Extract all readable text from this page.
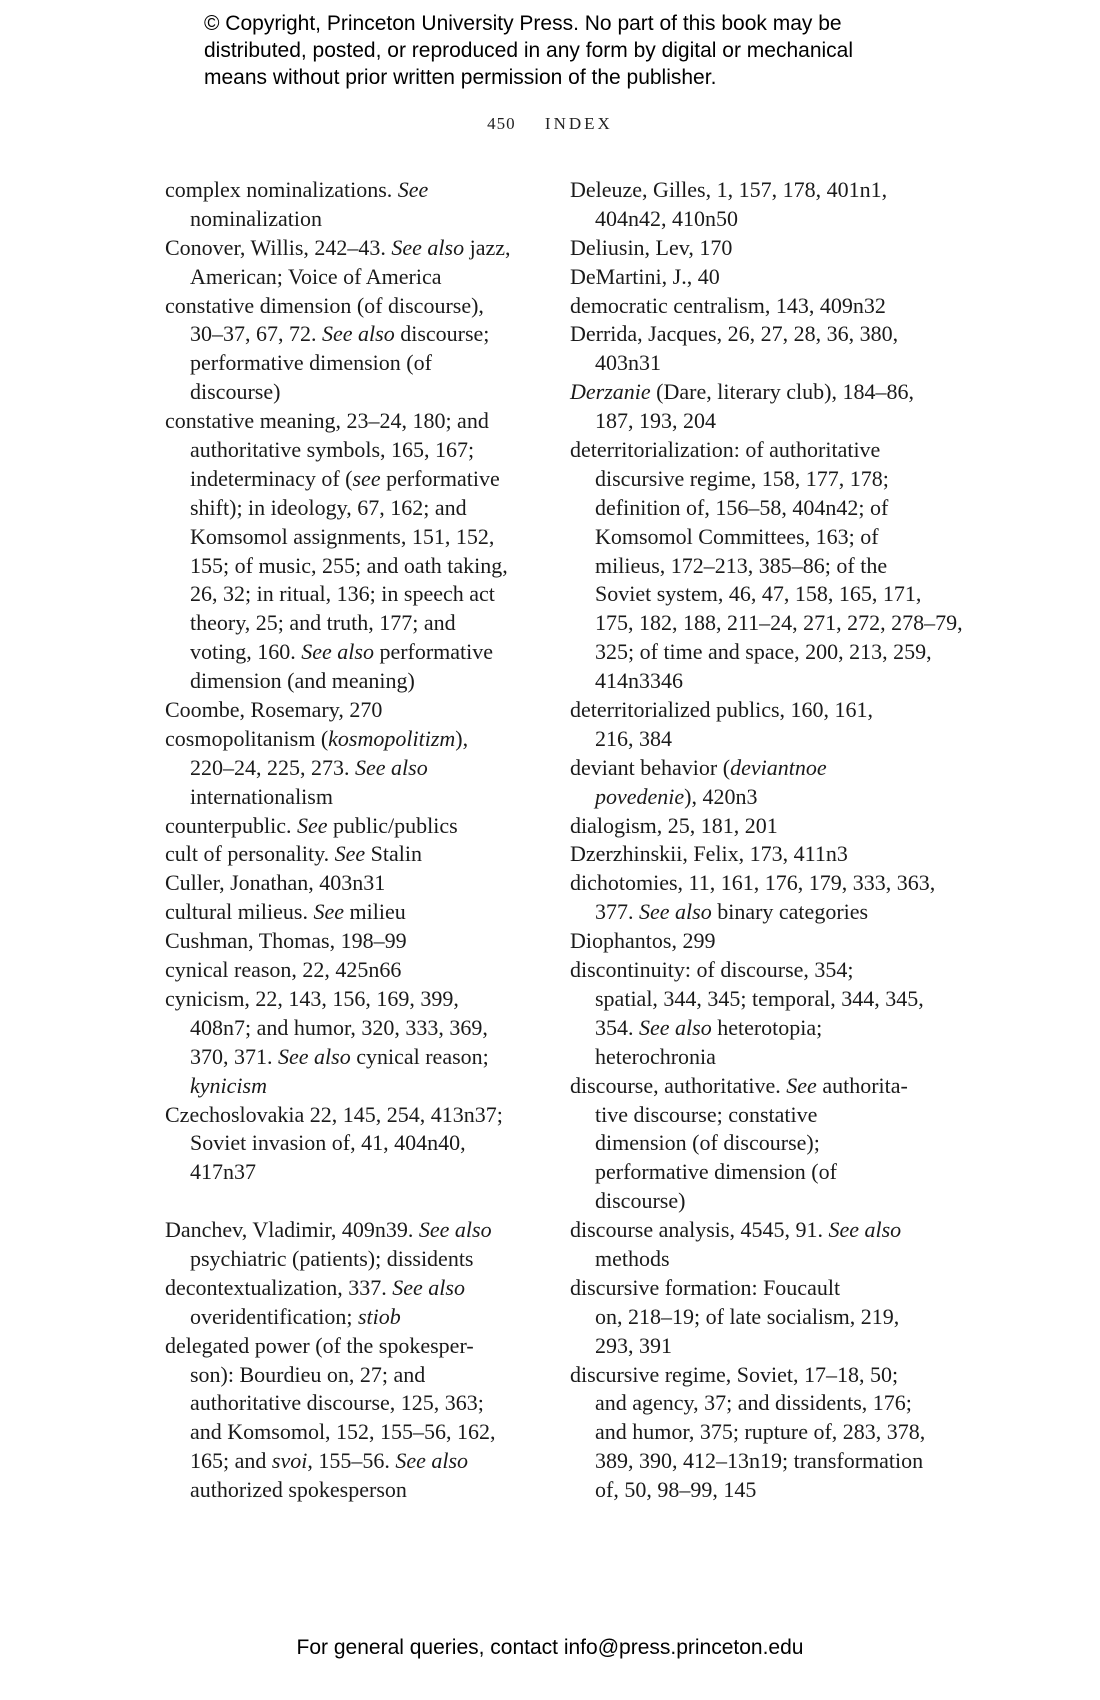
© Copyright, Princeton University Press. No part of this book may be
distributed, posted, or reproduced in any form by digital or mechanical
means without prior written permission of the publisher.
450 INDEX
complex nominalizations. See
nominalization
Conover, Willis, 242–43. See also jazz,
American; Voice of America
constative dimension (of discourse),
30–37, 67, 72. See also discourse;
performative dimension (of
discourse)
constative meaning, 23–24, 180; and
authoritative symbols, 165, 167;
indeterminacy of (see performative
shift); in ideology, 67, 162; and
Komsomol assignments, 151, 152,
155; of music, 255; and oath taking,
26, 32; in ritual, 136; in speech act
theory, 25; and truth, 177; and
voting, 160. See also performative
dimension (and meaning)
Coombe, Rosemary, 270
cosmopolitanism (kosmopolitizm),
220–24, 225, 273. See also
internationalism
counterpublic. See public/publics
cult of personality. See Stalin
Culler, Jonathan, 403n31
cultural milieus. See milieu
Cushman, Thomas, 198–99
cynical reason, 22, 425n66
cynicism, 22, 143, 156, 169, 399,
408n7; and humor, 320, 333, 369,
370, 371. See also cynical reason;
kynicism
Czechoslovakia 22, 145, 254, 413n37;
Soviet invasion of, 41, 404n40,
417n37
Danchev, Vladimir, 409n39. See also
psychiatric (patients); dissidents
decontextualization, 337. See also
overidentification; stiob
delegated power (of the spokesper-
son): Bourdieu on, 27; and
authoritative discourse, 125, 363;
and Komsomol, 152, 155–56, 162,
165; and svoi, 155–56. See also
authorized spokesperson
Deleuze, Gilles, 1, 157, 178, 401n1,
404n42, 410n50
Deliusin, Lev, 170
DeMartini, J., 40
democratic centralism, 143, 409n32
Derrida, Jacques, 26, 27, 28, 36, 380,
403n31
Derzanie (Dare, literary club), 184–86,
187, 193, 204
deterritorialization: of authoritative
discursive regime, 158, 177, 178;
definition of, 156–58, 404n42; of
Komsomol Committees, 163; of
milieus, 172–213, 385–86; of the
Soviet system, 46, 47, 158, 165, 171,
175, 182, 188, 211–24, 271, 272, 278–79,
325; of time and space, 200, 213, 259,
414n3346
deterritorialized publics, 160, 161,
216, 384
deviant behavior (deviantnoe
povedenie), 420n3
dialogism, 25, 181, 201
Dzerzhinskii, Felix, 173, 411n3
dichotomies, 11, 161, 176, 179, 333, 363,
377. See also binary categories
Diophantos, 299
discontinuity: of discourse, 354;
spatial, 344, 345; temporal, 344, 345,
354. See also heterotopia;
heterochronia
discourse, authoritative. See authorita-
tive discourse; constative
dimension (of discourse);
performative dimension (of
discourse)
discourse analysis, 4545, 91. See also
methods
discursive formation: Foucault
on, 218–19; of late socialism, 219,
293, 391
discursive regime, Soviet, 17–18, 50;
and agency, 37; and dissidents, 176;
and humor, 375; rupture of, 283, 378,
389, 390, 412–13n19; transformation
of, 50, 98–99, 145
For general queries, contact info@press.princeton.edu
